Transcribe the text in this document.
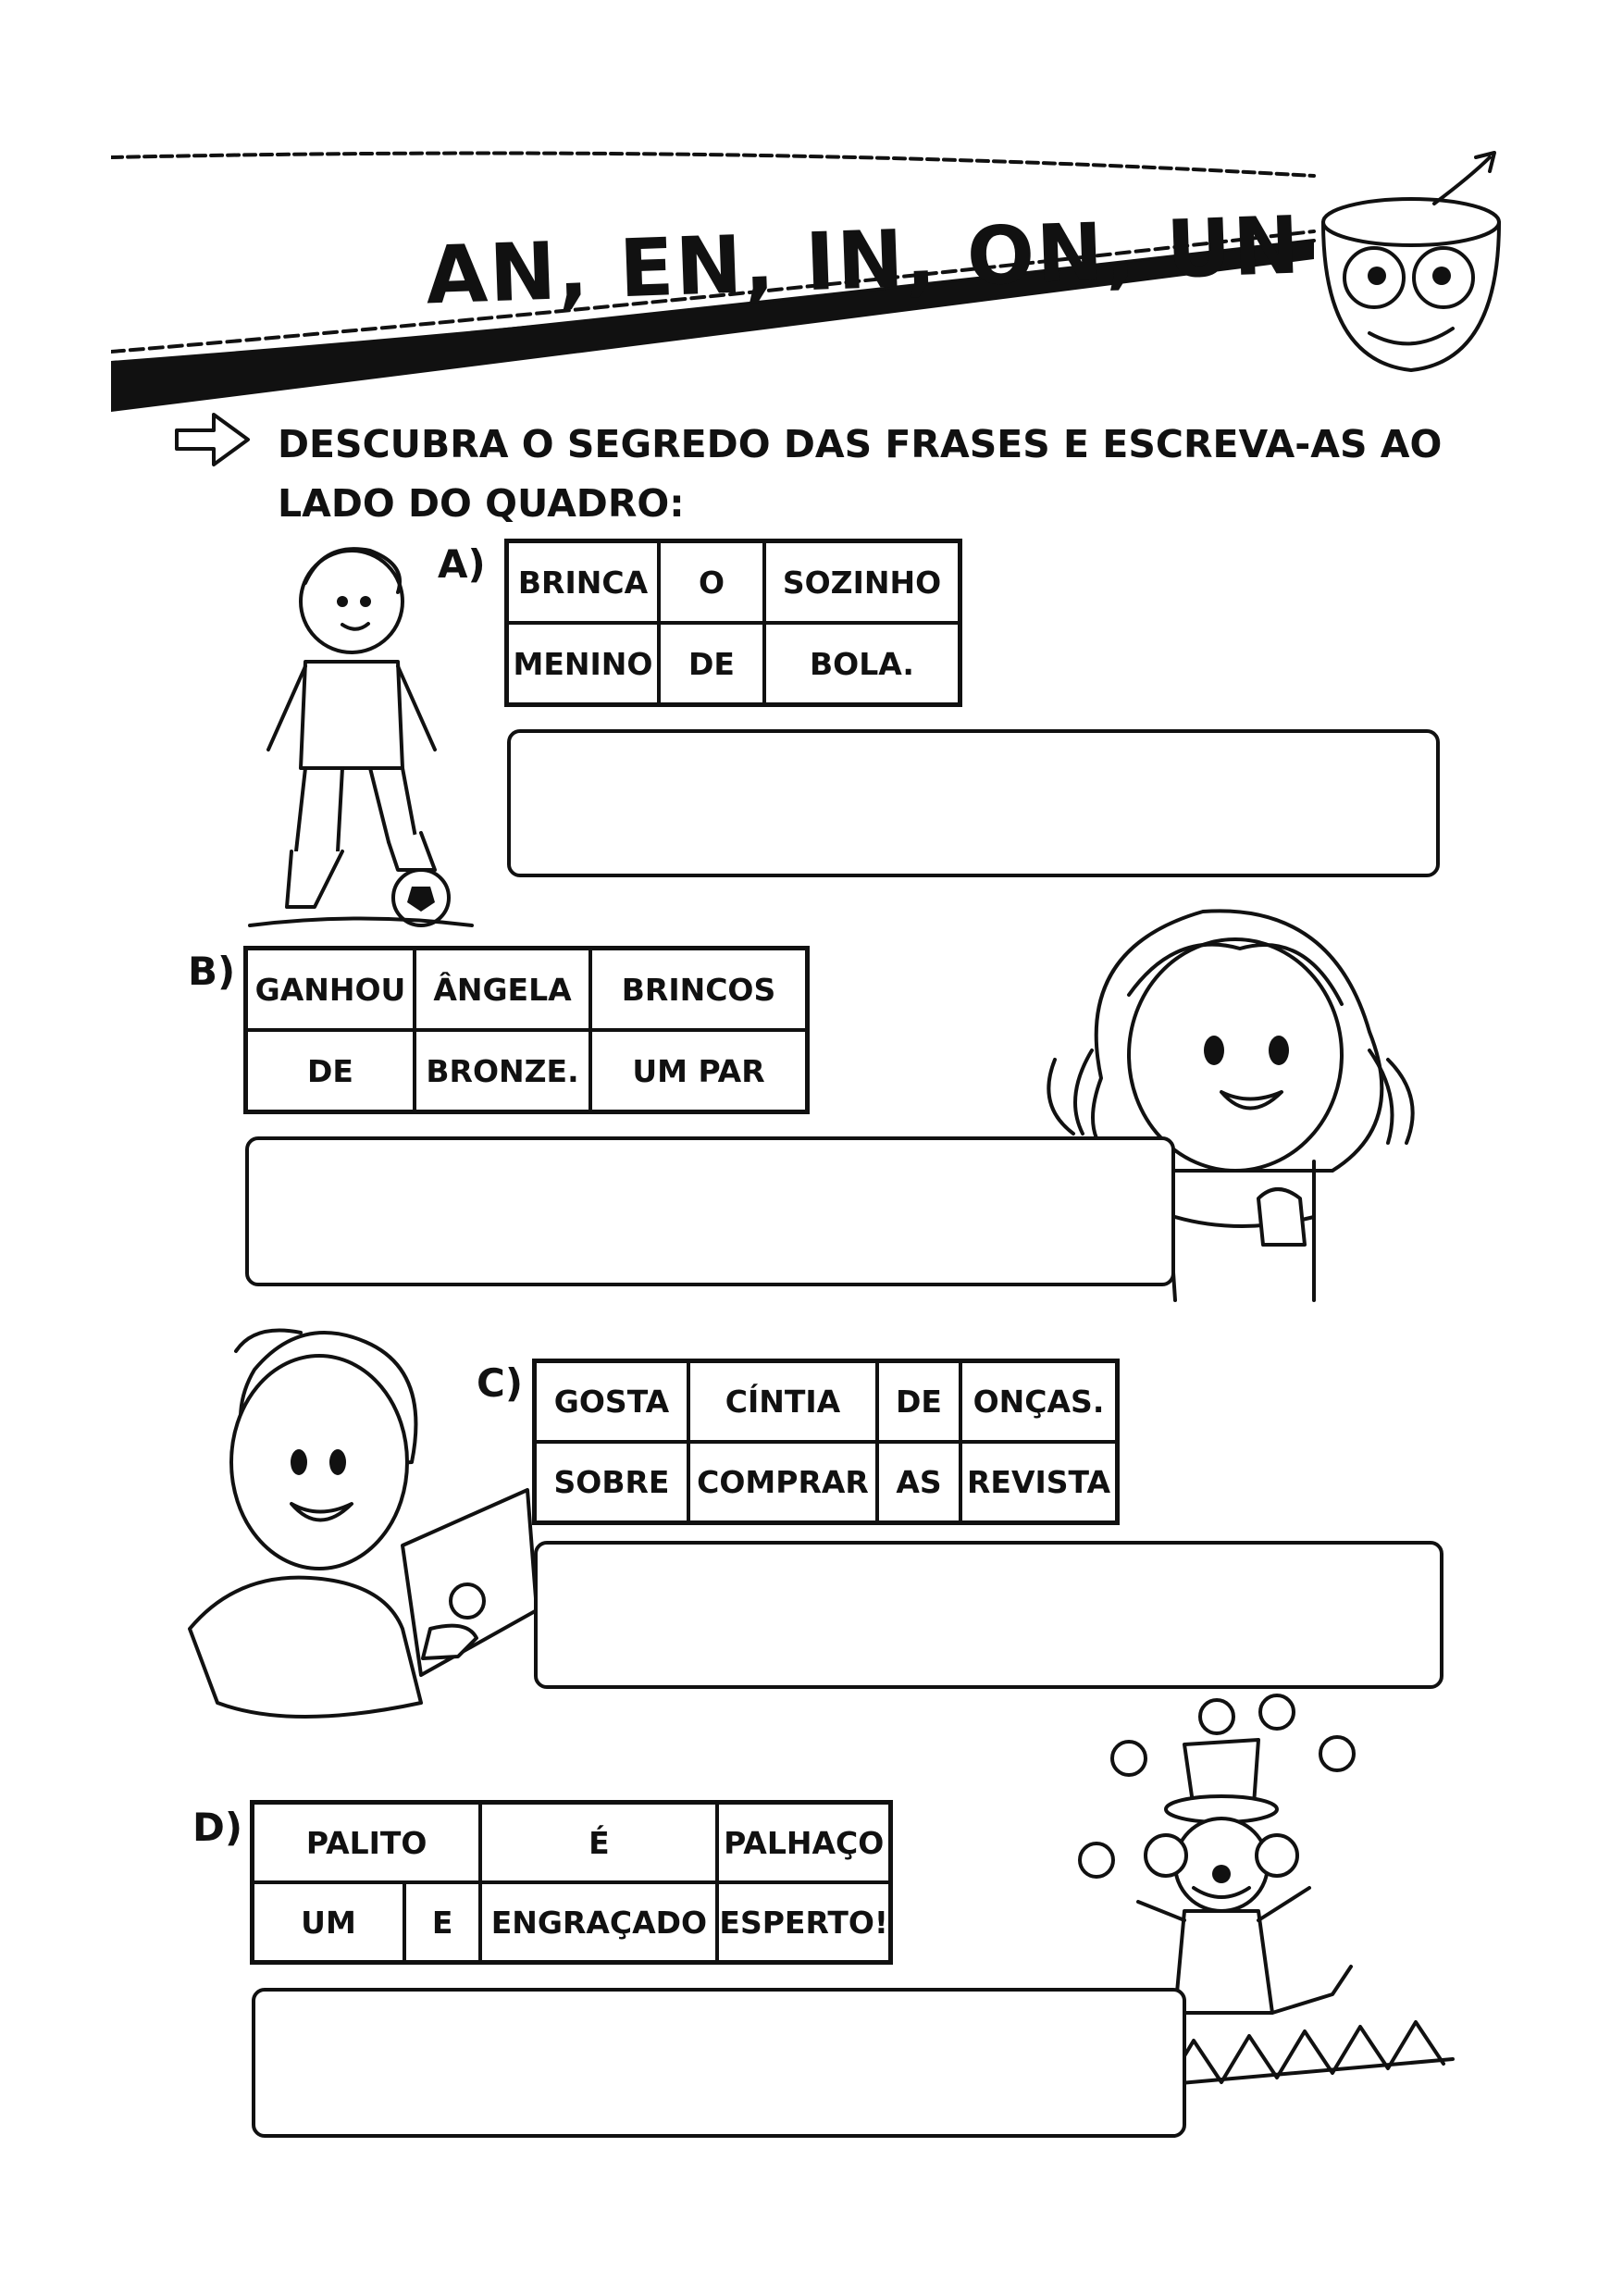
AN, EN, IN, ON, UN
DESCUBRA O SEGREDO DAS FRASES E ESCREVA-AS AO LADO DO QUADRO:
A) BRINCA	O	SOZINHO
MENINO	DE	BOLA.
B) GANHOU	ÂNGELA	BRINCOS
DE	BRONZE.	UM PAR
C) GOSTA	CÍNTIA	DE	ONÇAS.
SOBRE	COMPRAR	AS	REVISTA
D) PALITO		É	PALHAÇO
UM	E	ENGRAÇADO	ESPERTO!
